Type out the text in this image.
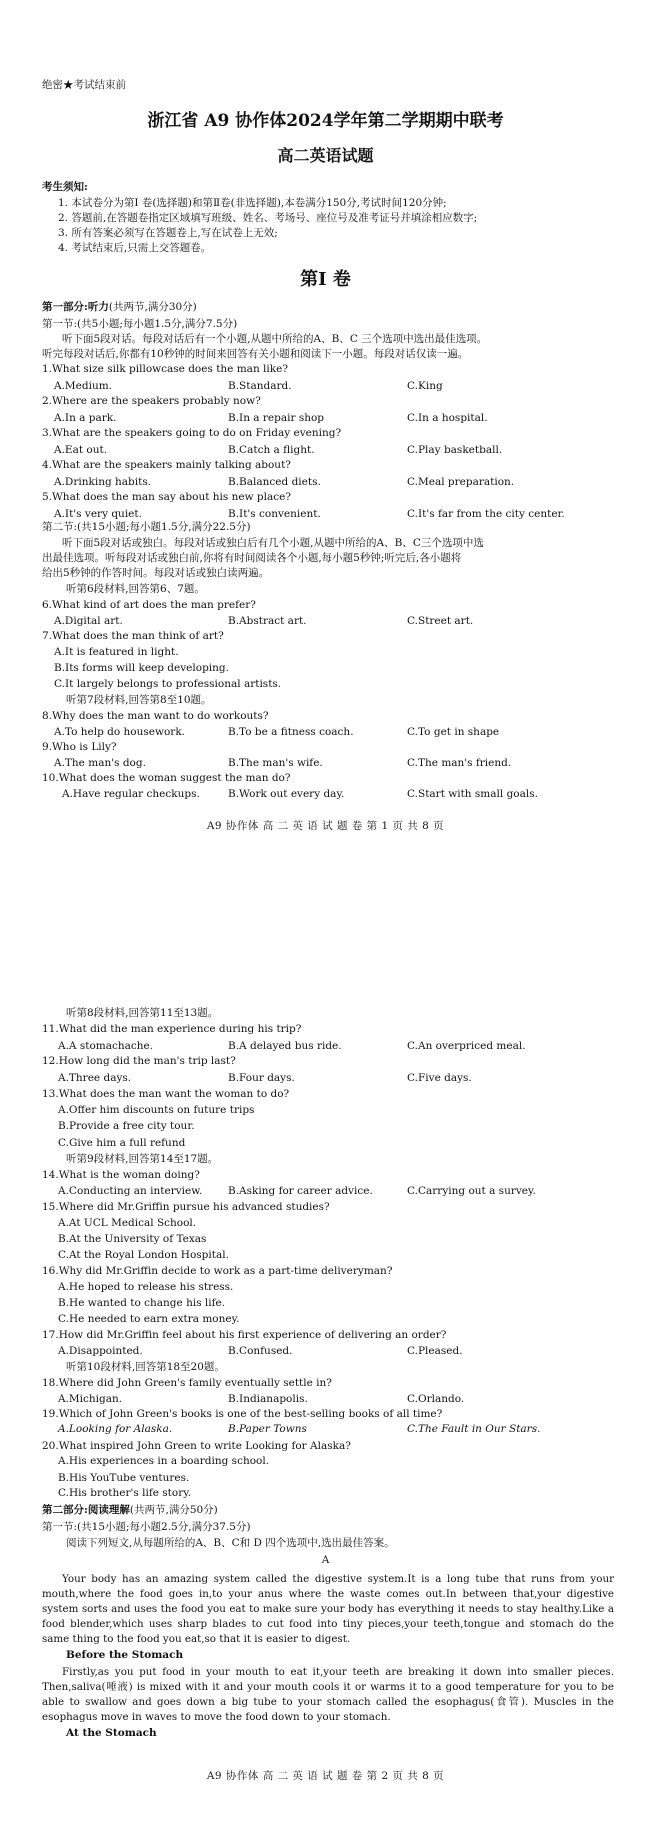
绝密★考试结束前
浙江省 A9 协作体2024学年第二学期期中联考
高二英语试题
考生须知:
1. 本试卷分为第I 卷(选择题)和第Ⅱ卷(非选择题),本卷满分150分,考试时间120分钟;
2. 答题前,在答题卷指定区域填写班级、姓名、考场号、座位号及准考证号并填涂相应数字;
3. 所有答案必须写在答题卷上,写在试卷上无效;
4. 考试结束后,只需上交答题卷。
第I 卷
第一部分:听力(共两节,满分30分)
第一节:(共5小题;每小题1.5分,满分7.5分)
听下面5段对话。每段对话后有一个小题,从题中所给的A、B、C 三个选项中选出最佳选项。
听完每段对话后,你都有10秒钟的时间来回答有关小题和阅读下一小题。每段对话仅读一遍。
1.What size silk pillowcase does the man like?
A.Medium.	B.Standard.	C.King
2.Where are the speakers probably now?
A.In a park.	B.In a repair shop	C.In a hospital.
3.What are the speakers going to do on Friday evening?
A.Eat out.	B.Catch a flight.	C.Play basketball.
4.What are the speakers mainly talking about?
A.Drinking habits.	B.Balanced diets.	C.Meal preparation.
5.What does the man say about his new place?
A.It's very quiet.	B.It's convenient.	C.It's far from the city center.
第二节:(共15小题;每小题1.5分,满分22.5分)
听下面5段对话或独白。每段对话或独白后有几个小题,从题中所给的A、B、C三个选项中选
出最佳选项。听每段对话或独白前,你将有时间阅读各个小题,每小题5秒钟;听完后,各小题将
给出5秒钟的作答时间。每段对话或独白读两遍。
听第6段材料,回答第6、7题。
6.What kind of art does the man prefer?
A.Digital art.	B.Abstract art.	C.Street art.
7.What does the man think of art?
A.It is featured in light.
B.Its forms will keep developing.
C.It largely belongs to professional artists.
听第7段材料,回答第8至10题。
8.Why does the man want to do workouts?
A.To help do housework.	B.To be a fitness coach.	C.To get in shape
9.Who is Lily?
A.The man's dog.	B.The man's wife.	C.The man's friend.
10.What does the woman suggest the man do?
A.Have regular checkups.	B.Work out every day.	C.Start with small goals.
A9 协作体 高 二 英 语 试 题 卷 第 1 页 共 8 页
听第8段材料,回答第11至13题。
11.What did the man experience during his trip?
A.A stomachache.	B.A delayed bus ride.	C.An overpriced meal.
12.How long did the man's trip last?
A.Three days.	B.Four days.	C.Five days.
13.What does the man want the woman to do?
A.Offer him discounts on future trips
B.Provide a free city tour.
C.Give him a full refund
听第9段材料,回答第14至17题。
14.What is the woman doing?
A.Conducting an interview. B.Asking for career advice.	C.Carrying out a survey.
15.Where did Mr.Griffin pursue his advanced studies?
A.At UCL Medical School.
B.At the University of Texas
C.At the Royal London Hospital.
16.Why did Mr.Griffin decide to work as a part-time deliveryman?
A.He hoped to release his stress.
B.He wanted to change his life.
C.He needed to earn extra money.
17.How did Mr.Griffin feel about his first experience of delivering an order?
A.Disappointed.	B.Confused.	C.Pleased.
听第10段材料,回答第18至20题。
18.Where did John Green's family eventually settle in?
A.Michigan.	B.Indianapolis.	C.Orlando.
19.Which of John Green's books is one of the best-selling books of all time?
A.Looking for Alaska.	B.Paper Towns	C.The Fault in Our Stars.
20.What inspired John Green to write Looking for Alaska?
A.His experiences in a boarding school.
B.His YouTube ventures.
C.His brother's life story.
第二部分:阅读理解(共两节,满分50分)
第一节:(共15小题;每小题2.5分,满分37.5分)
阅读下列短文,从每题所给的A、B、C和 D 四个选项中,选出最佳答案。
A
Your body has an amazing system called the digestive system.It is a long tube that runs from your mouth,where the food goes in,to your anus where the waste comes out.In between that,your digestive system sorts and uses the food you eat to make sure your body has everything it needs to stay healthy.Like a food blender,which uses sharp blades to cut food into tiny pieces,your teeth,tongue and stomach do the same thing to the food you eat,so that it is easier to digest.
Before the Stomach
Firstly,as you put food in your mouth to eat it,your teeth are breaking it down into smaller pieces. Then,saliva(唾液) is mixed with it and your mouth cools it or warms it to a good temperature for you to be able to swallow and goes down a big tube to your stomach called the esophagus(食管). Muscles in the esophagus move in waves to move the food down to your stomach.
At the Stomach
A9 协作体 高 二 英 语 试 题 卷 第 2 页 共 8 页
